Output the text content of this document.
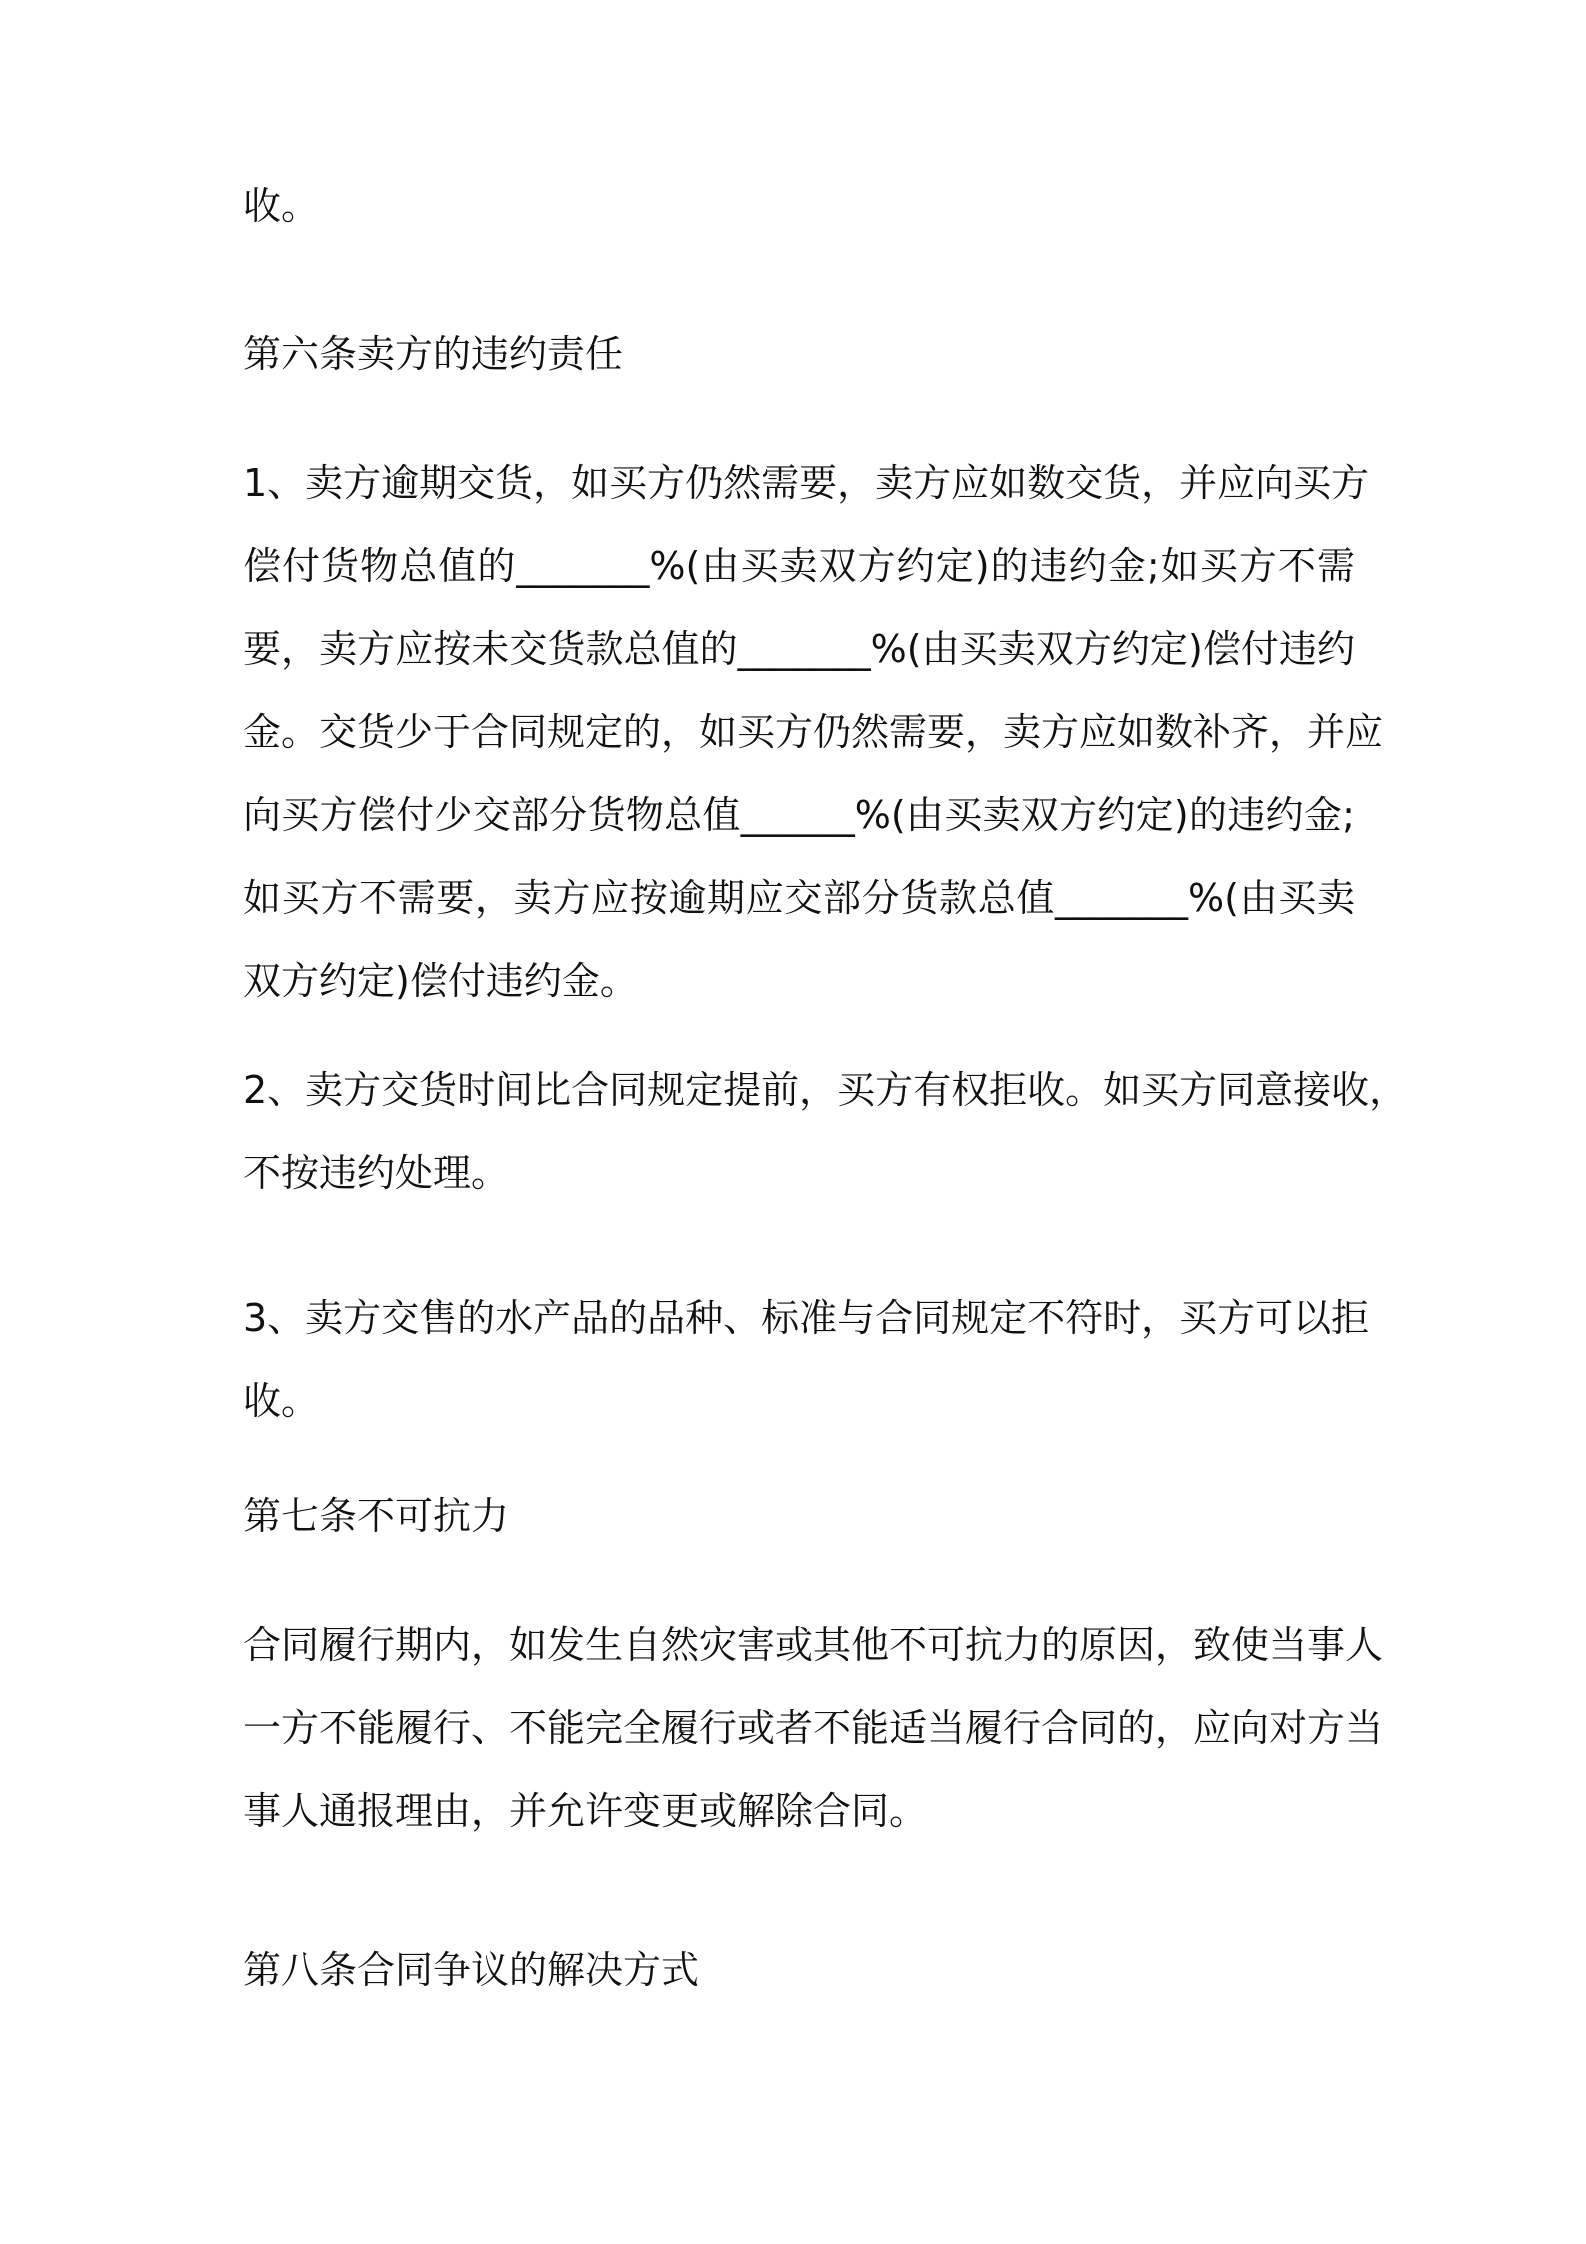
收。
第六条卖方的违约责任
1、卖方逾期交货，如买方仍然需要，卖方应如数交货，并应向买方
偿付货物总值的_______%(由买卖双方约定)的违约金;如买方不需
要，卖方应按未交货款总值的_______%(由买卖双方约定)偿付违约
金。交货少于合同规定的，如买方仍然需要，卖方应如数补齐，并应
向买方偿付少交部分货物总值______%(由买卖双方约定)的违约金;
如买方不需要，卖方应按逾期应交部分货款总值_______%(由买卖
双方约定)偿付违约金。
2、卖方交货时间比合同规定提前，买方有权拒收。如买方同意接收，
不按违约处理。
3、卖方交售的水产品的品种、标准与合同规定不符时，买方可以拒
收。
第七条不可抗力
合同履行期内，如发生自然灾害或其他不可抗力的原因，致使当事人
一方不能履行、不能完全履行或者不能适当履行合同的，应向对方当
事人通报理由，并允许变更或解除合同。
第八条合同争议的解决方式
